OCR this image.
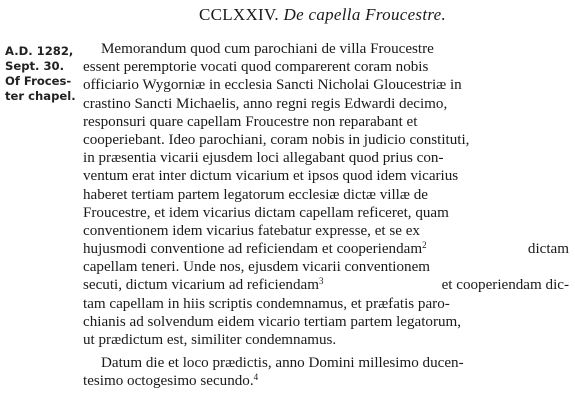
CCLXXIV. De capella Froucestre.
A.D. 1282,
Sept. 30.
Of Froces-
ter chapel.
Memorandum quod cum parochiani de villa Froucestre
essent peremptorie vocati quod comparerent coram nobis
officiario Wygorniæ in ecclesia Sancti Nicholai Gloucestriæ in
crastino Sancti Michaelis, anno regni regis Edwardi decimo,
responsuri quare capellam Froucestre non reparabant et
cooperiebant. Ideo parochiani, coram nobis in judicio constituti,
in præsentia vicarii ejusdem loci allegabant quod prius con-
ventum erat inter dictum vicarium et ipsos quod idem vicarius
haberet tertiam partem legatorum ecclesiæ dictæ villæ de
Froucestre, et idem vicarius dictam capellam reficeret, quam
conventionem idem vicarius fatebatur expresse, et se ex
hujusmodi conventione ad reficiendam et cooperiendam$^2$	dictam
capellam teneri. Unde nos, ejusdem vicarii conventionem
secuti, dictum vicarium ad reficiendam$^3$	et cooperiendam dic-
tam capellam in hiis scriptis condemnamus, et præfatis paro-
chianis ad solvendum eidem vicario tertiam partem legatorum,
ut prædictum est, similiter condemnamus.
Datum die et loco prædictis, anno Domini millesimo ducen-
tesimo octogesimo secundo.$^4$
